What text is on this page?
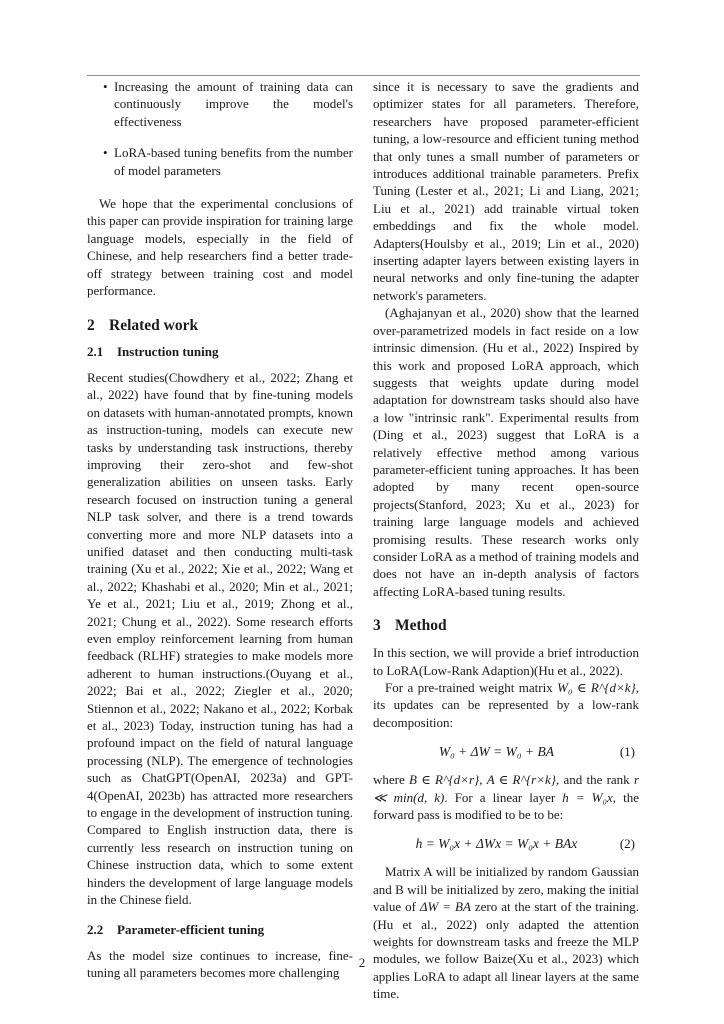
• Increasing the amount of training data can continuously improve the model's effectiveness
• LoRA-based tuning benefits from the number of model parameters

We hope that the experimental conclusions of this paper can provide inspiration for training large language models, especially in the field of Chinese, and help researchers find a better trade-off strategy between training cost and model performance.

2 Related work
2.1 Instruction tuning

Recent studies(Chowdhery et al., 2022; Zhang et al., 2022) have found that by fine-tuning models on datasets with human-annotated prompts, known as instruction-tuning, models can execute new tasks by understanding task instructions, thereby improving their zero-shot and few-shot generalization abilities on unseen tasks. Early research focused on instruction tuning a general NLP task solver, and there is a trend towards converting more and more NLP datasets into a unified dataset and then conducting multi-task training (Xu et al., 2022; Xie et al., 2022; Wang et al., 2022; Khashabi et al., 2020; Min et al., 2021; Ye et al., 2021; Liu et al., 2019; Zhong et al., 2021; Chung et al., 2022). Some research efforts even employ reinforcement learning from human feedback (RLHF) strategies to make models more adherent to human instructions.(Ouyang et al., 2022; Bai et al., 2022; Ziegler et al., 2020; Stiennon et al., 2022; Nakano et al., 2022; Korbak et al., 2023) Today, instruction tuning has had a profound impact on the field of natural language processing (NLP). The emergence of technologies such as ChatGPT(OpenAI, 2023a) and GPT-4(OpenAI, 2023b) has attracted more researchers to engage in the development of instruction tuning. Compared to English instruction data, there is currently less research on instruction tuning on Chinese instruction data, which to some extent hinders the development of large language models in the Chinese field.

2.2 Parameter-efficient tuning

As the model size continues to increase, fine-tuning all parameters becomes more challenging

since it is necessary to save the gradients and optimizer states for all parameters. Therefore, researchers have proposed parameter-efficient tuning, a low-resource and efficient tuning method that only tunes a small number of parameters or introduces additional trainable parameters. Prefix Tuning (Lester et al., 2021; Li and Liang, 2021; Liu et al., 2021) add trainable virtual token embeddings and fix the whole model. Adapters(Houlsby et al., 2019; Lin et al., 2020) inserting adapter layers between existing layers in neural networks and only fine-tuning the adapter network's parameters.

(Aghajanyan et al., 2020) show that the learned over-parametrized models in fact reside on a low intrinsic dimension. (Hu et al., 2022) Inspired by this work and proposed LoRA approach, which suggests that weights update during model adaptation for downstream tasks should also have a low "intrinsic rank". Experimental results from (Ding et al., 2023) suggest that LoRA is a relatively effective method among various parameter-efficient tuning approaches. It has been adopted by many recent open-source projects(Stanford, 2023; Xu et al., 2023) for training large language models and achieved promising results. These research works only consider LoRA as a method of training models and does not have an in-depth analysis of factors affecting LoRA-based tuning results.

3 Method

In this section, we will provide a brief introduction to LoRA(Low-Rank Adaption)(Hu et al., 2022).

For a pre-trained weight matrix W₀ ∈ R^{d×k}, its updates can be represented by a low-rank decomposition:

W₀ + ΔW = W₀ + BA	(1)

where B ∈ R^{d×r}, A ∈ R^{r×k}, and the rank r ≪ min(d, k). For a linear layer h = W₀x, the forward pass is modified to be to be:

h = W₀x + ΔWx = W₀x + BAx	(2)

Matrix A will be initialized by random Gaussian and B will be initialized by zero, making the initial value of ΔW = BA zero at the start of the training. (Hu et al., 2022) only adapted the attention weights for downstream tasks and freeze the MLP modules, we follow Baize(Xu et al., 2023) which applies LoRA to adapt all linear layers at the same time.

2
